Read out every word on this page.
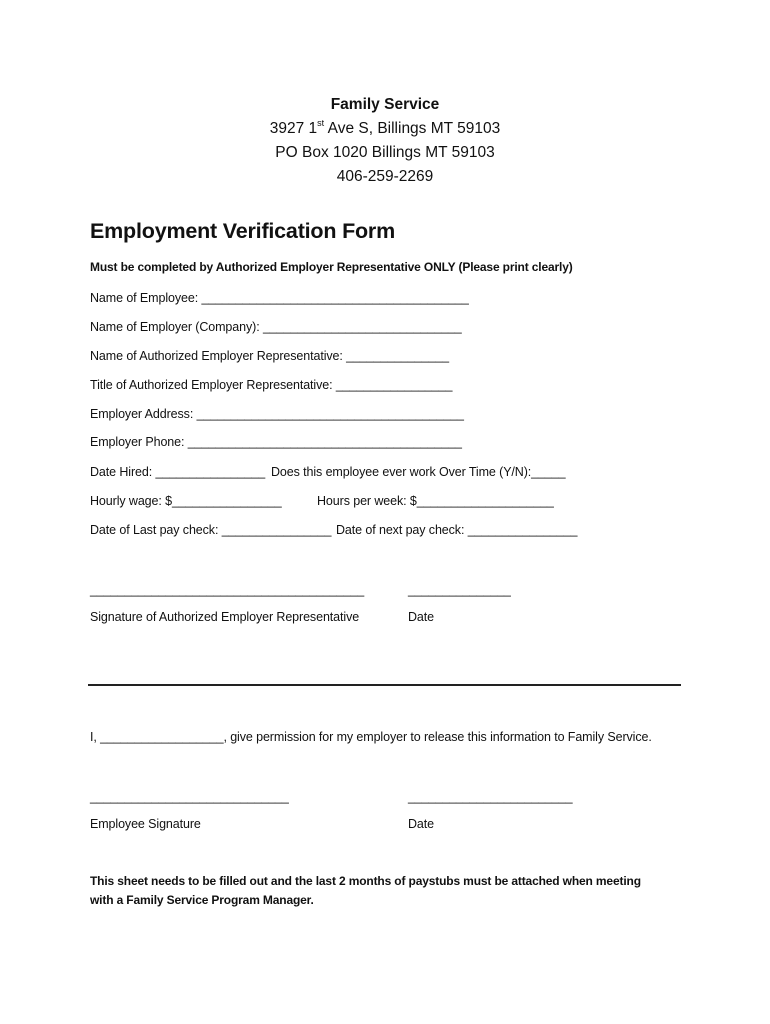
Family Service
3927 1st Ave S, Billings MT 59103
PO Box 1020 Billings MT 59103
406-259-2269
Employment Verification Form
Must be completed by Authorized Employer Representative ONLY (Please print clearly)
Name of Employee: _______________________________________
Name of Employer (Company): _____________________________
Name of Authorized Employer Representative: _______________
Title of Authorized Employer Representative: _________________
Employer Address: _______________________________________
Employer Phone: ________________________________________
Date Hired: ________________ Does this employee ever work Over Time (Y/N):_____
Hourly wage: $________________	Hours per week: $____________________
Date of Last pay check: ________________ Date of next pay check: ________________
________________________________________	_______________
Signature of Authorized Employer Representative	Date
I, __________________, give permission for my employer to release this information to Family Service.
_____________________________	________________________
Employee Signature	Date
This sheet needs to be filled out and the last 2 months of paystubs must be attached when meeting
with a Family Service Program Manager.
